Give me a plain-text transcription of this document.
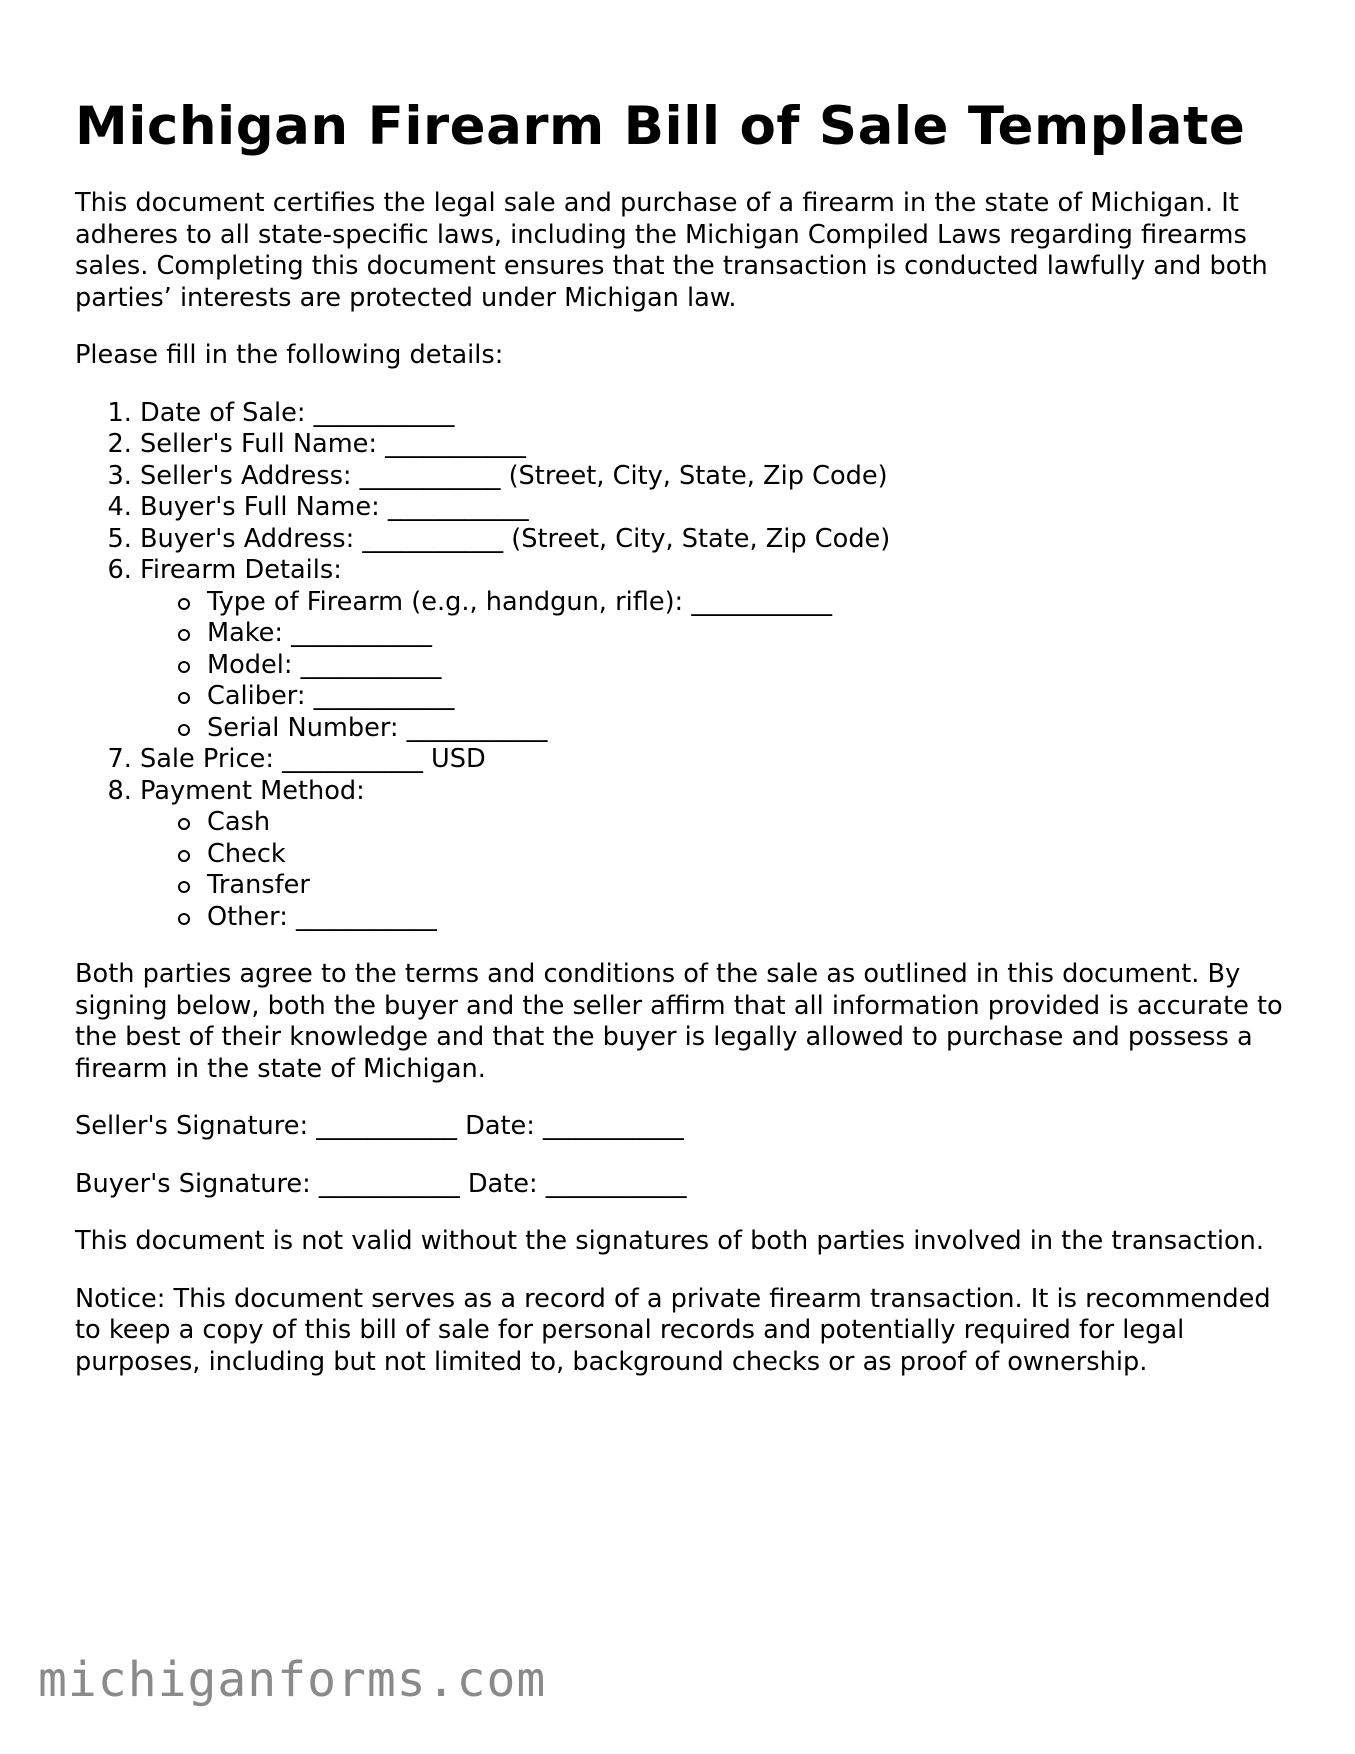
Michigan Firearm Bill of Sale Template

This document certifies the legal sale and purchase of a firearm in the state of Michigan. It adheres to all state-specific laws, including the Michigan Compiled Laws regarding firearms sales. Completing this document ensures that the transaction is conducted lawfully and both parties’ interests are protected under Michigan law.

Please fill in the following details:

1. Date of Sale: ___________
2. Seller's Full Name: ___________
3. Seller's Address: ___________ (Street, City, State, Zip Code)
4. Buyer's Full Name: ___________
5. Buyer's Address: ___________ (Street, City, State, Zip Code)
6. Firearm Details:
Type of Firearm (e.g., handgun, rifle): ___________
Make: ___________
Model: ___________
Caliber: ___________
Serial Number: ___________
7. Sale Price: ___________ USD
8. Payment Method:
Cash
Check
Transfer
Other: ___________

Both parties agree to the terms and conditions of the sale as outlined in this document. By signing below, both the buyer and the seller affirm that all information provided is accurate to the best of their knowledge and that the buyer is legally allowed to purchase and possess a firearm in the state of Michigan.

Seller's Signature: ___________ Date: ___________

Buyer's Signature: ___________ Date: ___________

This document is not valid without the signatures of both parties involved in the transaction.

Notice: This document serves as a record of a private firearm transaction. It is recommended to keep a copy of this bill of sale for personal records and potentially required for legal purposes, including but not limited to, background checks or as proof of ownership.

michiganforms.com
